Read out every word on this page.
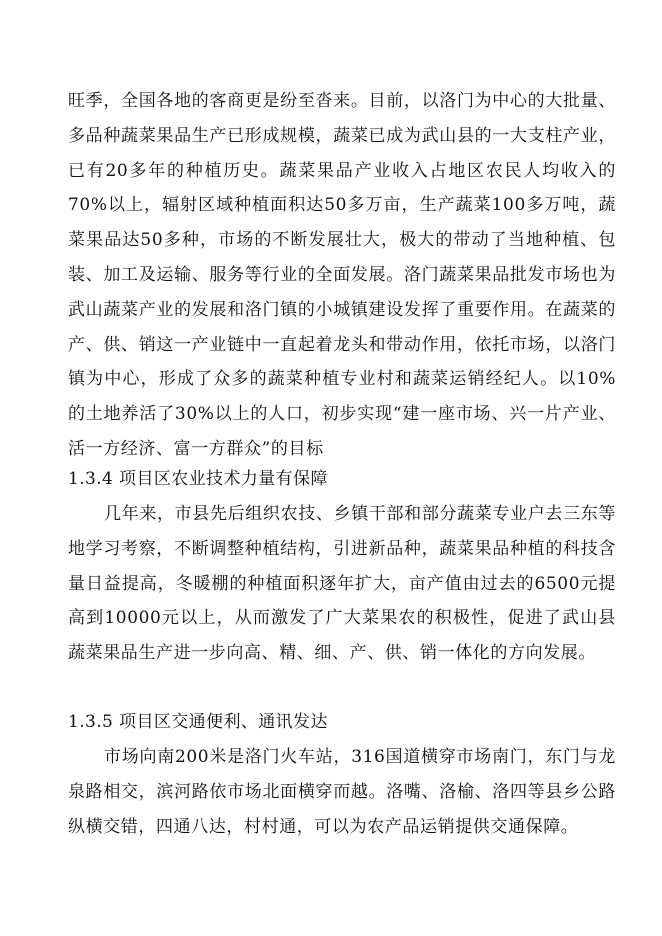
旺季，全国各地的客商更是纷至沓来。目前，以洛门为中心的大批量、多品种蔬菜果品生产已形成规模，蔬菜已成为武山县的一大支柱产业，已有20多年的种植历史。蔬菜果品产业收入占地区农民人均收入的70%以上，辐射区域种植面积达50多万亩，生产蔬菜100多万吨，蔬菜果品达50多种，市场的不断发展壮大，极大的带动了当地种植、包装、加工及运输、服务等行业的全面发展。洛门蔬菜果品批发市场也为武山蔬菜产业的发展和洛门镇的小城镇建设发挥了重要作用。在蔬菜的产、供、销这一产业链中一直起着龙头和带动作用，依托市场，以洛门镇为中心，形成了众多的蔬菜种植专业村和蔬菜运销经纪人。以10%的土地养活了30%以上的人口，初步实现“建一座市场、兴一片产业、活一方经济、富一方群众”的目标

1.3.4 项目区农业技术力量有保障

几年来，市县先后组织农技、乡镇干部和部分蔬菜专业户去三东等地学习考察，不断调整种植结构，引进新品种，蔬菜果品种植的科技含量日益提高，冬暖棚的种植面积逐年扩大，亩产值由过去的6500元提高到10000元以上，从而激发了广大菜果农的积极性，促进了武山县蔬菜果品生产进一步向高、精、细、产、供、销一体化的方向发展。

1.3.5 项目区交通便利、通讯发达

市场向南200米是洛门火车站，316国道横穿市场南门，东门与龙泉路相交，滨河路依市场北面横穿而越。洛嘴、洛榆、洛四等县乡公路纵横交错，四通八达，村村通，可以为农产品运销提供交通保障。
